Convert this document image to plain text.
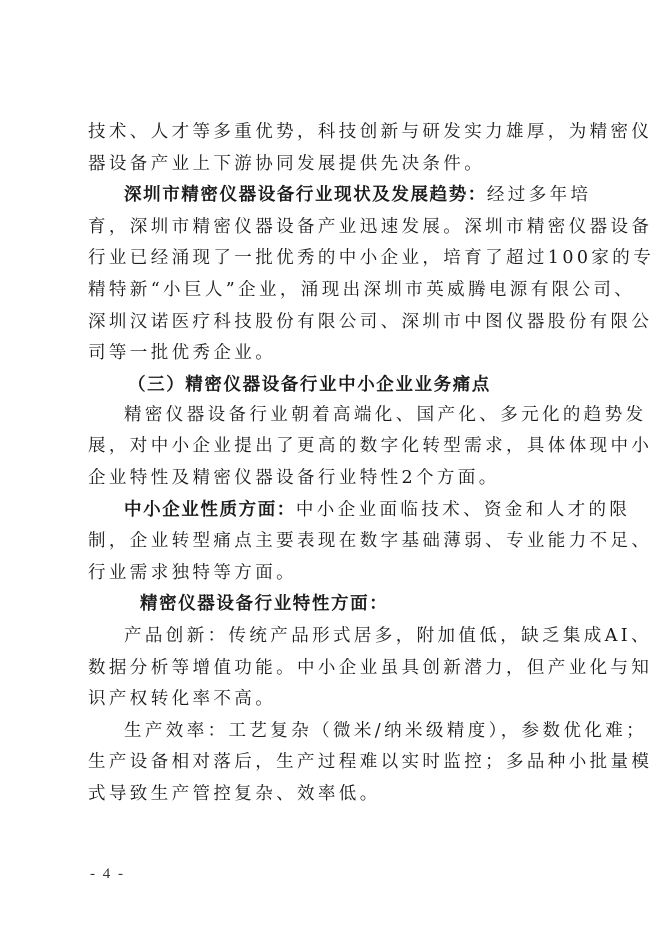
技术、人才等多重优势，科技创新与研发实力雄厚，为精密仪
器设备产业上下游协同发展提供先决条件。
深圳市精密仪器设备行业现状及发展趋势：经过多年培
育，深圳市精密仪器设备产业迅速发展。深圳市精密仪器设备
行业已经涌现了一批优秀的中小企业，培育了超过100家的专
精特新“小巨人”企业，涌现出深圳市英威腾电源有限公司、
深圳汉诺医疗科技股份有限公司、深圳市中图仪器股份有限公
司等一批优秀企业。
（三）精密仪器设备行业中小企业业务痛点
精密仪器设备行业朝着高端化、国产化、多元化的趋势发
展，对中小企业提出了更高的数字化转型需求，具体体现中小
企业特性及精密仪器设备行业特性2个方面。
中小企业性质方面：中小企业面临技术、资金和人才的限
制，企业转型痛点主要表现在数字基础薄弱、专业能力不足、
行业需求独特等方面。
精密仪器设备行业特性方面：
产品创新：传统产品形式居多，附加值低，缺乏集成AI、
数据分析等增值功能。中小企业虽具创新潜力，但产业化与知
识产权转化率不高。
生产效率：工艺复杂（微米/纳米级精度），参数优化难；
生产设备相对落后，生产过程难以实时监控；多品种小批量模
式导致生产管控复杂、效率低。
- 4 -
